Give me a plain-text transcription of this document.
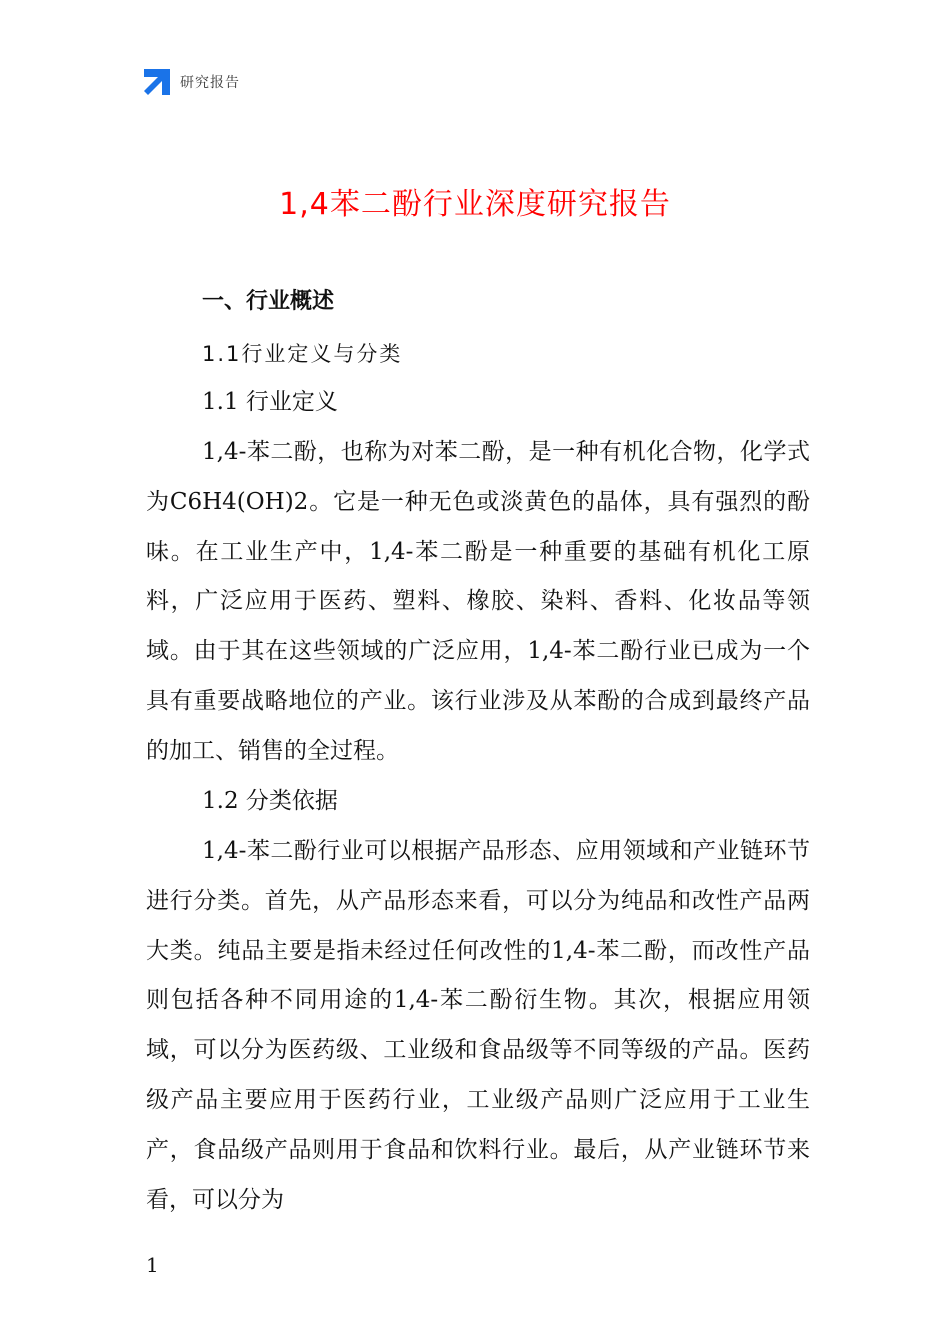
研究报告
1,4苯二酚行业深度研究报告
一、行业概述
1.1行业定义与分类
1.1 行业定义

1,4-苯二酚，也称为对苯二酚，是一种有机化合物，化学式为C6H4(OH)2。它是一种无色或淡黄色的晶体，具有强烈的酚味。在工业生产中，1,4-苯二酚是一种重要的基础有机化工原料，广泛应用于医药、塑料、橡胶、染料、香料、化妆品等领域。由于其在这些领域的广泛应用，1,4-苯二酚行业已成为一个具有重要战略地位的产业。该行业涉及从苯酚的合成到最终产品的加工、销售的全过程。

1.2 分类依据

1,4-苯二酚行业可以根据产品形态、应用领域和产业链环节进行分类。首先，从产品形态来看，可以分为纯品和改性产品两大类。纯品主要是指未经过任何改性的1,4-苯二酚，而改性产品则包括各种不同用途的1,4-苯二酚衍生物。其次，根据应用领域，可以分为医药级、工业级和食品级等不同等级的产品。医药级产品主要应用于医药行业，工业级产品则广泛应用于工业生产，食品级产品则用于食品和饮料行业。最后，从产业链环节来看，可以分为

1
